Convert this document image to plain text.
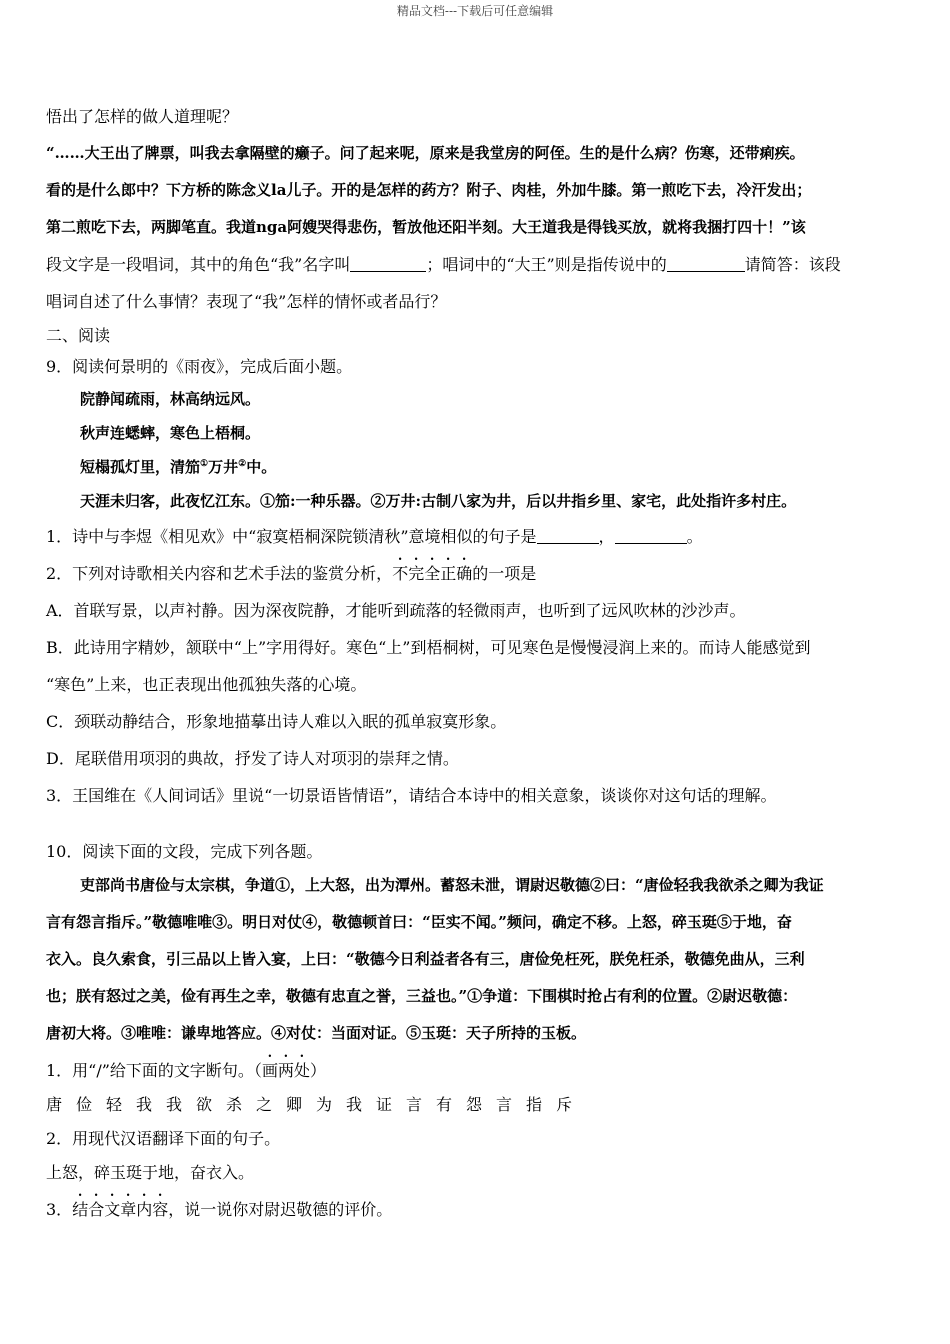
精品文档---下载后可任意编辑

悟出了怎样的做人道理呢？

“……大王出了牌票，叫我去拿隔壁的癞子。问了起来呢，原来是我堂房的阿侄。生的是什么病？伤寒，还带痢疾。

看的是什么郎中？下方桥的陈念义la儿子。开的是怎样的药方？附子、肉桂，外加牛膝。第一煎吃下去，冷汗发出；

第二煎吃下去，两脚笔直。我道nga阿嫂哭得悲伤，暂放他还阳半刻。大王道我是得钱买放，就将我捆打四十！”该

段文字是一段唱词，其中的角色“我”名字叫	；唱词中的“大王”则是指传说中的	请简答：该段

唱词自述了什么事情？表现了“我”怎样的情怀或者品行？

二、阅读

9．阅读何景明的《雨夜》，完成后面小题。

院静闻疏雨，林高纳远风。

秋声连蟋蟀，寒色上梧桐。

短榻孤灯里，清笳①万井②中。

天涯未归客，此夜忆江东。①笳:一种乐器。②万井:古制八家为井，后以井指乡里、家宅，此处指许多村庄。

1．诗中与李煜《相见欢》中“寂寞梧桐深院锁清秋”意境相似的句子是	，	。

2．下列对诗歌相关内容和艺术手法的鉴赏分析，不完全正确的一项是

A．首联写景，以声衬静。因为深夜院静，才能听到疏落的轻微雨声，也听到了远风吹林的沙沙声。

B．此诗用字精妙，颔联中“上”字用得好。寒色“上”到梧桐树，可见寒色是慢慢浸润上来的。而诗人能感觉到

“寒色”上来，也正表现出他孤独失落的心境。

C．颈联动静结合，形象地描摹出诗人难以入眠的孤单寂寞形象。

D．尾联借用项羽的典故，抒发了诗人对项羽的崇拜之情。

3．王国维在《人间词话》里说“一切景语皆情语”，请结合本诗中的相关意象，谈谈你对这句话的理解。

10．阅读下面的文段，完成下列各题。

吏部尚书唐俭与太宗棋，争道①，上大怒，出为潭州。蓄怒未泄，谓尉迟敬德②曰：“唐俭轻我我欲杀之卿为我证

言有怨言指斥。”敬德唯唯③。明日对仗④，敬德顿首曰：“臣实不闻。”频问，确定不移。上怒，碎玉珽⑤于地，奋

衣入。良久索食，引三品以上皆入宴，上曰：“敬德今日利益者各有三，唐俭免枉死，朕免枉杀，敬德免曲从，三利

也；朕有怒过之美，俭有再生之幸，敬德有忠直之誉，三益也。”①争道：下围棋时抢占有利的位置。②尉迟敬德：

唐初大将。③唯唯：谦卑地答应。④对仗：当面对证。⑤玉珽：天子所持的玉板。

1．用“/”给下面的文字断句。（画两处）

唐俭轻我我欲杀之卿为我证言有怨言指斥

2．用现代汉语翻译下面的句子。

上怒，碎玉珽于地，奋衣入。

3．结合文章内容，说一说你对尉迟敬德的评价。
